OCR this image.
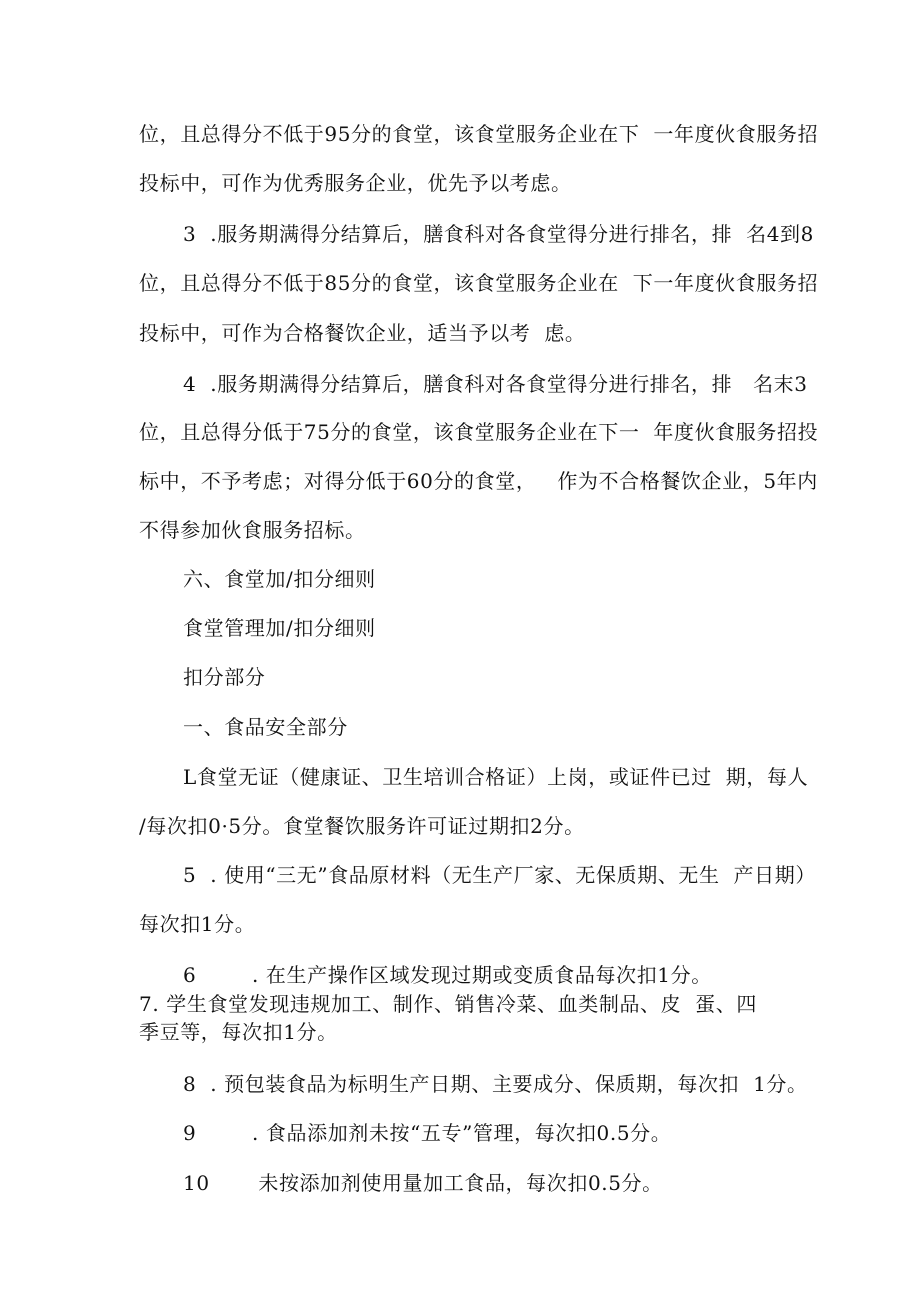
位，且总得分不低于95分的食堂，该食堂服务企业在下  一年度伙食服务招
投标中，可作为优秀服务企业，优先予以考虑。
3  .服务期满得分结算后，膳食科对各食堂得分进行排名，排  名4到8
位，且总得分不低于85分的食堂，该食堂服务企业在  下一年度伙食服务招
投标中，可作为合格餐饮企业，适当予以考  虑。
4  .服务期满得分结算后，膳食科对各食堂得分进行排名，排   名末3
位，且总得分低于75分的食堂，该食堂服务企业在下一  年度伙食服务招投
标中，不予考虑；对得分低于60分的食堂，   作为不合格餐饮企业，5年内
不得参加伙食服务招标。
六、食堂加/扣分细则
食堂管理加/扣分细则
扣分部分
一、食品安全部分
L食堂无证（健康证、卫生培训合格证）上岗，或证件已过  期，每人
/每次扣0·5分。食堂餐饮服务许可证过期扣2分。
5  . 使用“三无”食品原材料（无生产厂家、无保质期、无生  产日期）
每次扣1分。
6        . 在生产操作区域发现过期或变质食品每次扣1分。
7. 学生食堂发现违规加工、制作、销售冷菜、血类制品、皮  蛋、四
季豆等，每次扣1分。
8  . 预包装食品为标明生产日期、主要成分、保质期，每次扣  1分。
9        . 食品添加剂未按“五专”管理，每次扣0.5分。
10       未按添加剂使用量加工食品，每次扣0.5分。
